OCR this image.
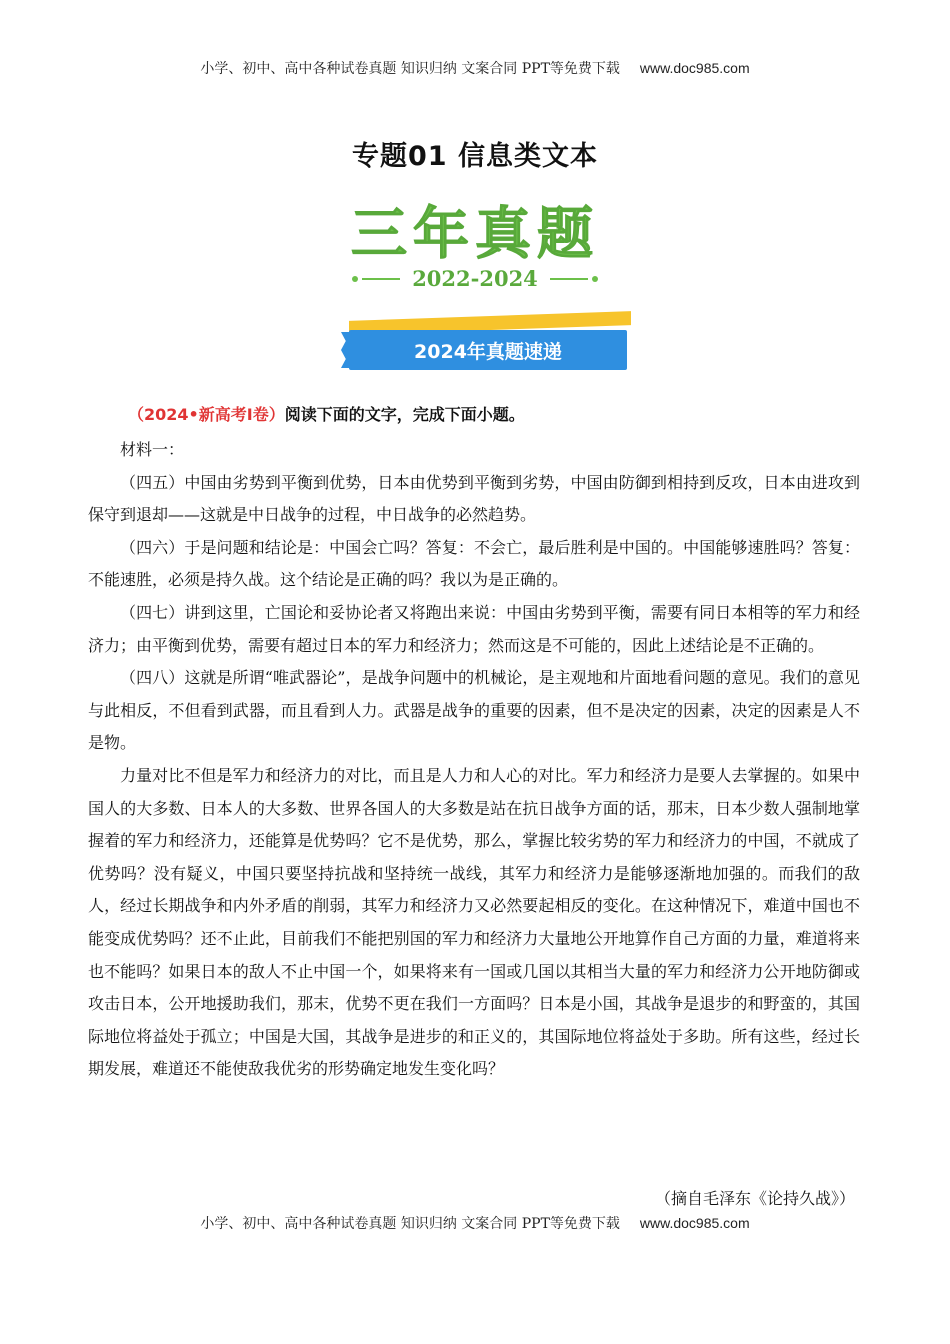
小学、初中、高中各种试卷真题 知识归纳 文案合同 PPT等免费下载 www.doc985.com
专题01 信息类文本
三年真题
2022-2024
2024年真题速递
（2024•新高考Ⅰ卷）阅读下面的文字，完成下面小题。

材料一：

（四五）中国由劣势到平衡到优势，日本由优势到平衡到劣势，中国由防御到相持到反攻，日本由进攻到保守到退却——这就是中日战争的过程，中日战争的必然趋势。

（四六）于是问题和结论是：中国会亡吗？答复：不会亡，最后胜利是中国的。中国能够速胜吗？答复：不能速胜，必须是持久战。这个结论是正确的吗？我以为是正确的。

（四七）讲到这里，亡国论和妥协论者又将跑出来说：中国由劣势到平衡，需要有同日本相等的军力和经济力；由平衡到优势，需要有超过日本的军力和经济力；然而这是不可能的，因此上述结论是不正确的。

（四八）这就是所谓“唯武器论”，是战争问题中的机械论，是主观地和片面地看问题的意见。我们的意见与此相反，不但看到武器，而且看到人力。武器是战争的重要的因素，但不是决定的因素，决定的因素是人不是物。

力量对比不但是军力和经济力的对比，而且是人力和人心的对比。军力和经济力是要人去掌握的。如果中国人的大多数、日本人的大多数、世界各国人的大多数是站在抗日战争方面的话，那末，日本少数人强制地掌握着的军力和经济力，还能算是优势吗？它不是优势，那么，掌握比较劣势的军力和经济力的中国，不就成了优势吗？没有疑义，中国只要坚持抗战和坚持统一战线，其军力和经济力是能够逐渐地加强的。而我们的敌人，经过长期战争和内外矛盾的削弱，其军力和经济力又必然要起相反的变化。在这种情况下，难道中国也不能变成优势吗？还不止此，目前我们不能把别国的军力和经济力大量地公开地算作自己方面的力量，难道将来也不能吗？如果日本的敌人不止中国一个，如果将来有一国或几国以其相当大量的军力和经济力公开地防御或攻击日本，公开地援助我们，那末，优势不更在我们一方面吗？日本是小国，其战争是退步的和野蛮的，其国际地位将益处于孤立；中国是大国，其战争是进步的和正义的，其国际地位将益处于多助。所有这些，经过长期发展，难道还不能使敌我优劣的形势确定地发生变化吗？

（摘自毛泽东《论持久战》）
小学、初中、高中各种试卷真题 知识归纳 文案合同 PPT等免费下载 www.doc985.com
